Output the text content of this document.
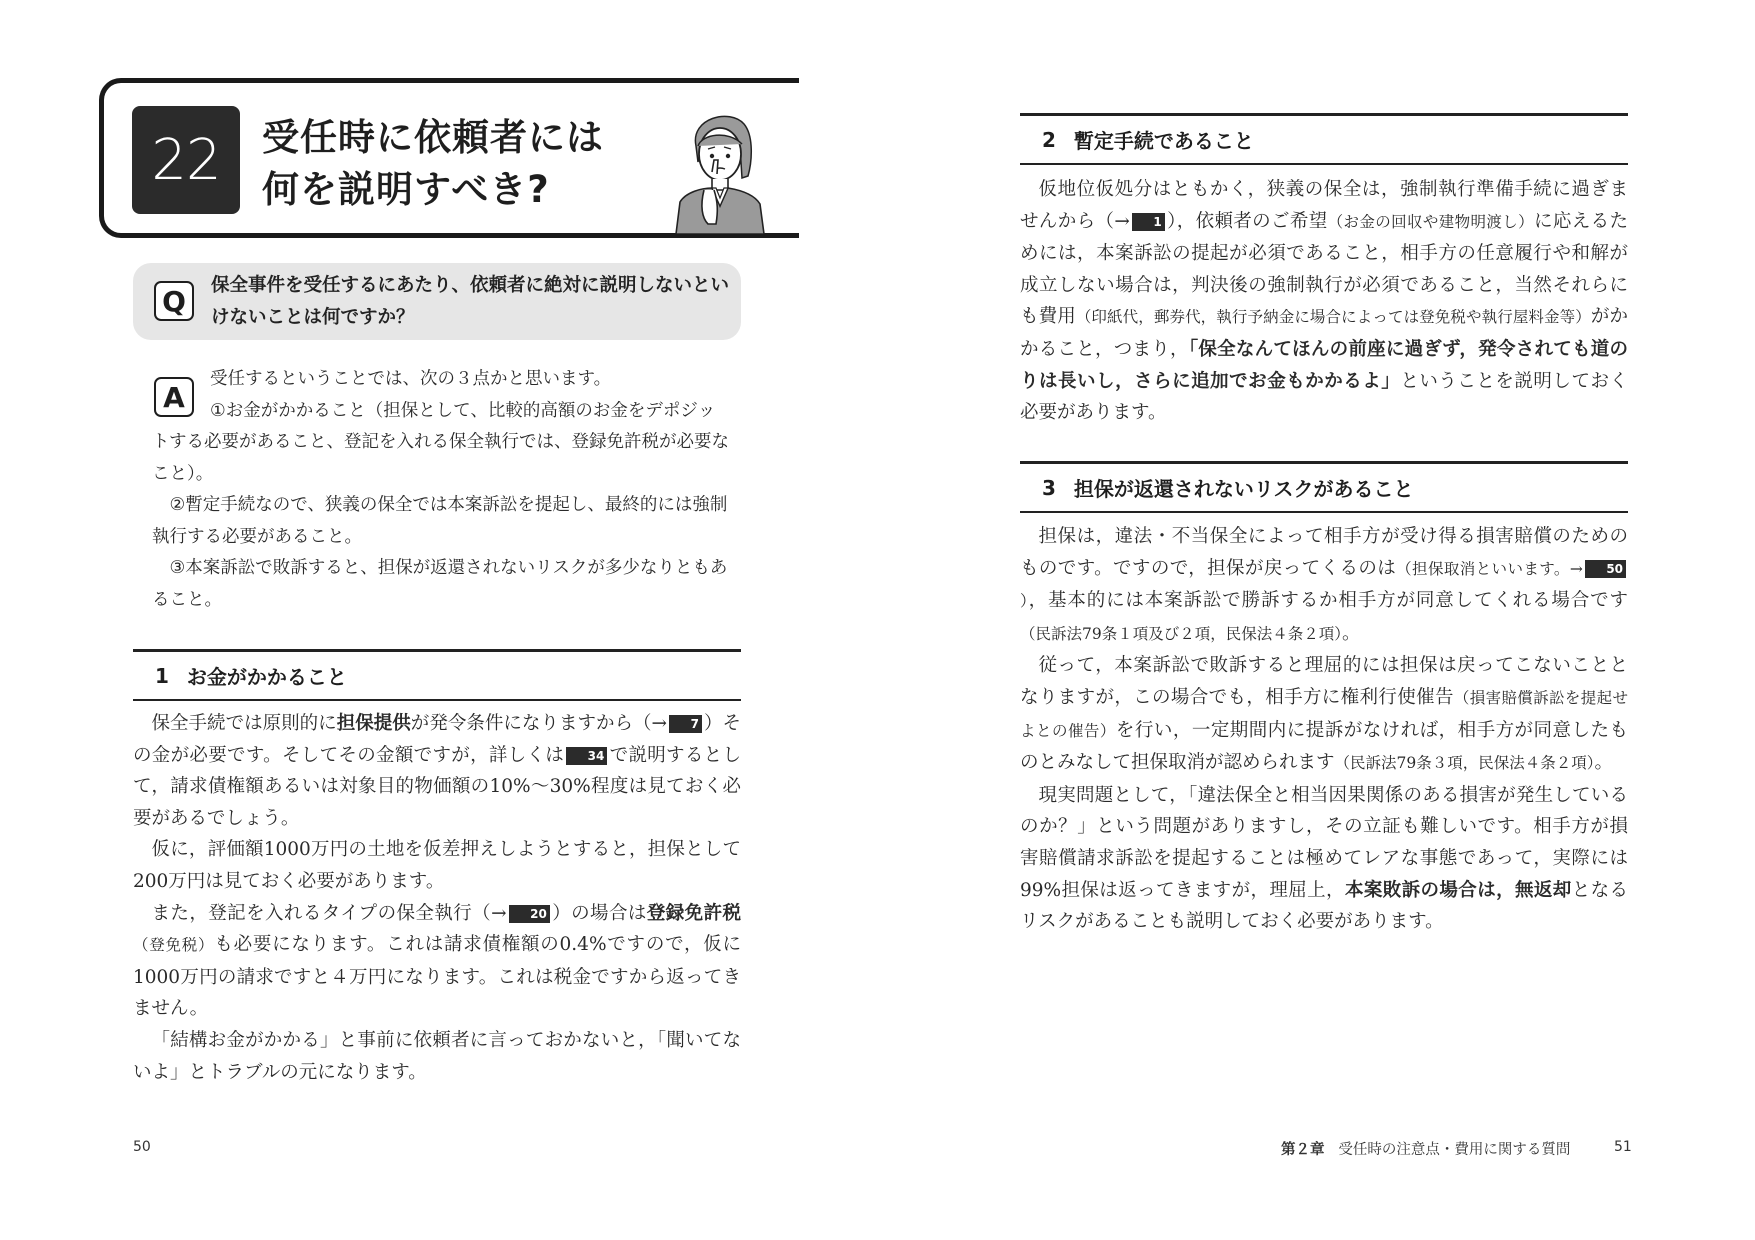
22 受任時に依頼者には
何を説明すべき?
Q	保全事件を受任するにあたり、依頼者に絶対に説明しないといけないことは何ですか？
A

受任するということでは、次の３点かと思います。

①お金がかかること（担保として、比較的高額のお金をデポジットする必要があること、登記を入れる保全執行では、登録免許税が必要なこと）。

②暫定手続なので、狭義の保全では本案訴訟を提起し、最終的には強制執行する必要があること。

③本案訴訟で敗訴すると、担保が返還されないリスクが多少なりともあること。

1 お金がかかること

保全手続では原則的に担保提供が発令条件になりますから（→ 7 ）その金が必要です。そしてその金額ですが，詳しくは 34 で説明するとして，請求債権額あるいは対象目的物価額の10%～30%程度は見ておく必要があるでしょう。

仮に，評価額1000万円の土地を仮差押えしようとすると，担保として200万円は見ておく必要があります。

また，登記を入れるタイプの保全執行（→ 20 ）の場合は登録免許税（登免税）も必要になります。これは請求債権額の0.4%ですので，仮に1000万円の請求ですと４万円になります。これは税金ですから返ってきません。

「結構お金がかかる」と事前に依頼者に言っておかないと，「聞いてないよ」とトラブルの元になります。

50
2 暫定手続であること

仮地位仮処分はともかく，狭義の保全は，強制執行準備手続に過ぎませんから（→ 1 ），依頼者のご希望（お金の回収や建物明渡し）に応えるためには，本案訴訟の提起が必須であること，相手方の任意履行や和解が成立しない場合は，判決後の強制執行が必須であること，当然それらにも費用（印紙代，郵券代，執行予納金に場合によっては登免税や執行屋料金等）がかかること，つまり，「保全なんてほんの前座に過ぎず，発令されても道のりは長いし，さらに追加でお金もかかるよ」ということを説明しておく必要があります。

3 担保が返還されないリスクがあること

担保は，違法・不当保全によって相手方が受け得る損害賠償のためのものです。ですので，担保が戻ってくるのは（担保取消といいます。→ 50），基本的には本案訴訟で勝訴するか相手方が同意してくれる場合です（民訴法79条１項及び２項，民保法４条２項）。

従って，本案訴訟で敗訴すると理屈的には担保は戻ってこないこととなりますが，この場合でも，相手方に権利行使催告（損害賠償訴訟を提起せよとの催告）を行い，一定期間内に提訴がなければ，相手方が同意したものとみなして担保取消が認められます（民訴法79条３項，民保法４条２項）。

現実問題として，「違法保全と相当因果関係のある損害が発生しているのか？」という問題がありますし，その立証も難しいです。相手方が損害賠償請求訴訟を提起することは極めてレアな事態であって，実際には99%担保は返ってきますが，理屈上，本案敗訴の場合は，無返却となるリスクがあることも説明しておく必要があります。

第２章 受任時の注意点・費用に関する質問	51
